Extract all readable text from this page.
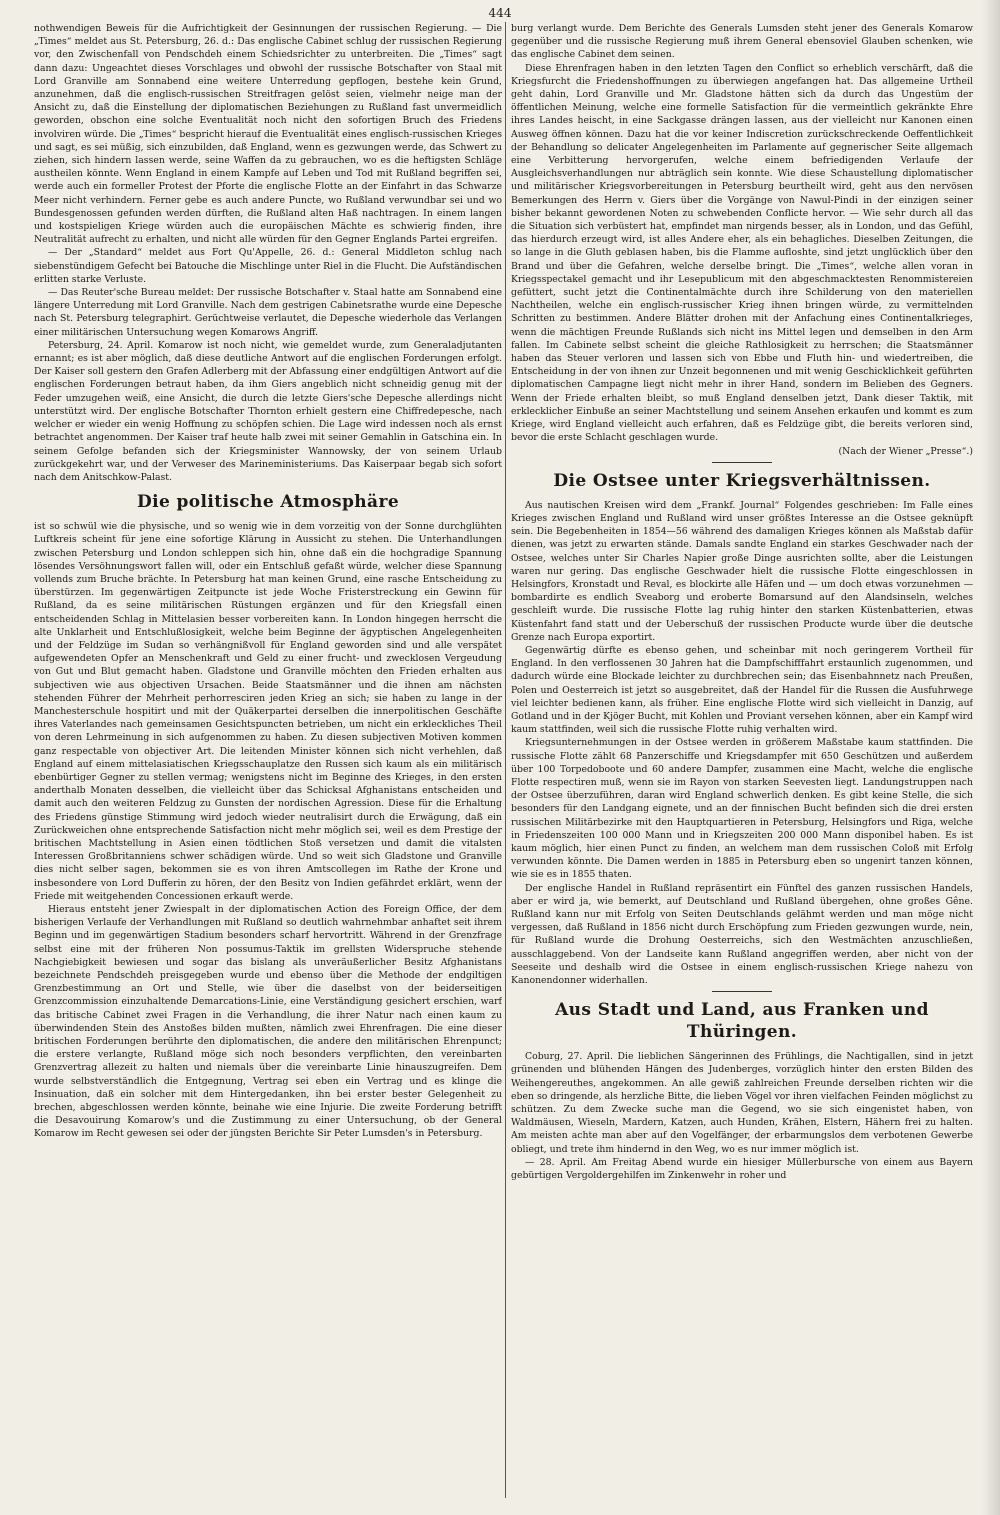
444

nothwendigen Beweis für die Aufrichtigkeit der Gesinnungen der russischen Regierung. — Die „Times“ meldet aus St. Petersburg, 26. d.: Das englische Cabinet schlug der russischen Regierung vor, den Zwischenfall von Pendschdeh einem Schiedsrichter zu unterbreiten. Die „Times“ sagt dann dazu: Ungeachtet dieses Vorschlages und obwohl der russische Botschafter von Staal mit Lord Granville am Sonnabend eine weitere Unterredung gepflogen, bestehe kein Grund, anzunehmen, daß die englisch-russischen Streitfragen gelöst seien, vielmehr neige man der Ansicht zu, daß die Einstellung der diplomatischen Beziehungen zu Rußland fast unvermeidlich geworden, obschon eine solche Eventualität noch nicht den sofortigen Bruch des Friedens involviren würde. Die „Times“ bespricht hierauf die Eventualität eines englisch-russischen Krieges und sagt, es sei müßig, sich einzubilden, daß England, wenn es gezwungen werde, das Schwert zu ziehen, sich hindern lassen werde, seine Waffen da zu gebrauchen, wo es die heftigsten Schläge austheilen könnte. Wenn England in einem Kampfe auf Leben und Tod mit Rußland begriffen sei, werde auch ein formeller Protest der Pforte die englische Flotte an der Einfahrt in das Schwarze Meer nicht verhindern. Ferner gebe es auch andere Puncte, wo Rußland verwundbar sei und wo Bundesgenossen gefunden werden dürften, die Rußland alten Haß nachtragen. In einem langen und kostspieligen Kriege würden auch die europäischen Mächte es schwierig finden, ihre Neutralität aufrecht zu erhalten, und nicht alle würden für den Gegner Englands Partei ergreifen.

— Der „Standard“ meldet aus Fort Qu'Appelle, 26. d.: General Middleton schlug nach siebenstündigem Gefecht bei Batouche die Mischlinge unter Riel in die Flucht. Die Aufständischen erlitten starke Verluste.

— Das Reuter'sche Bureau meldet: Der russische Botschafter v. Staal hatte am Sonnabend eine längere Unterredung mit Lord Granville. Nach dem gestrigen Cabinetsrathe wurde eine Depesche nach St. Petersburg telegraphirt. Gerüchtweise verlautet, die Depesche wiederhole das Verlangen einer militärischen Untersuchung wegen Komarows Angriff.

Petersburg, 24. April. Komarow ist noch nicht, wie gemeldet wurde, zum Generaladjutanten ernannt; es ist aber möglich, daß diese deutliche Antwort auf die englischen Forderungen erfolgt. Der Kaiser soll gestern den Grafen Adlerberg mit der Abfassung einer endgültigen Antwort auf die englischen Forderungen betraut haben, da ihm Giers angeblich nicht schneidig genug mit der Feder umzugehen weiß, eine Ansicht, die durch die letzte Giers'sche Depesche allerdings nicht unterstützt wird. Der englische Botschafter Thornton erhielt gestern eine Chiffredepesche, nach welcher er wieder ein wenig Hoffnung zu schöpfen schien. Die Lage wird indessen noch als ernst betrachtet angenommen. Der Kaiser traf heute halb zwei mit seiner Gemahlin in Gatschina ein. In seinem Gefolge befanden sich der Kriegsminister Wannowsky, der von seinem Urlaub zurückgekehrt war, und der Verweser des Marineministeriums. Das Kaiserpaar begab sich sofort nach dem Anitschkow-Palast.

Die politische Atmosphäre

ist so schwül wie die physische, und so wenig wie in dem vorzeitig von der Sonne durchglühten Luftkreis scheint für jene eine sofortige Klärung in Aussicht zu stehen. Die Unterhandlungen zwischen Petersburg und London schleppen sich hin, ohne daß ein die hochgradige Spannung lösendes Versöhnungswort fallen will, oder ein Entschluß gefaßt würde, welcher diese Spannung vollends zum Bruche brächte. In Petersburg hat man keinen Grund, eine rasche Entscheidung zu überstürzen. Im gegenwärtigen Zeitpuncte ist jede Woche Fristerstreckung ein Gewinn für Rußland, da es seine militärischen Rüstungen ergänzen und für den Kriegsfall einen entscheidenden Schlag in Mittelasien besser vorbereiten kann. In London hingegen herrscht die alte Unklarheit und Entschlußlosigkeit, welche beim Beginne der ägyptischen Angelegenheiten und der Feldzüge im Sudan so verhängnißvoll für England geworden sind und alle verspätet aufgewendeten Opfer an Menschenkraft und Geld zu einer frucht- und zwecklosen Vergeudung von Gut und Blut gemacht haben. Gladstone und Granville möchten den Frieden erhalten aus subjectiven wie aus objectiven Ursachen. Beide Staatsmänner und die ihnen am nächsten stehenden Führer der Mehrheit perhorresciren jeden Krieg an sich; sie haben zu lange in der Manchesterschule hospitirt und mit der Quäkerpartei derselben die innerpolitischen Geschäfte ihres Vaterlandes nach gemeinsamen Gesichtspuncten betrieben, um nicht ein erkleckliches Theil von deren Lehrmeinung in sich aufgenommen zu haben. Zu diesen subjectiven Motiven kommen ganz respectable von objectiver Art. Die leitenden Minister können sich nicht verhehlen, daß England auf einem mittelasiatischen Kriegsschauplatze den Russen sich kaum als ein militärisch ebenbürtiger Gegner zu stellen vermag; wenigstens nicht im Beginne des Krieges, in den ersten anderthalb Monaten desselben, die vielleicht über das Schicksal Afghanistans entscheiden und damit auch den weiteren Feldzug zu Gunsten der nordischen Agression. Diese für die Erhaltung des Friedens günstige Stimmung wird jedoch wieder neutralisirt durch die Erwägung, daß ein Zurückweichen ohne entsprechende Satisfaction nicht mehr möglich sei, weil es dem Prestige der britischen Machtstellung in Asien einen tödtlichen Stoß versetzen und damit die vitalsten Interessen Großbritanniens schwer schädigen würde. Und so weit sich Gladstone und Granville dies nicht selber sagen, bekommen sie es von ihren Amtscollegen im Rathe der Krone und insbesondere von Lord Dufferin zu hören, der den Besitz von Indien gefährdet erklärt, wenn der Friede mit weitgehenden Concessionen erkauft werde.

Hieraus entsteht jener Zwiespalt in der diplomatischen Action des Foreign Office, der dem bisherigen Verlaufe der Verhandlungen mit Rußland so deutlich wahrnehmbar anhaftet seit ihrem Beginn und im gegenwärtigen Stadium besonders scharf hervortritt. Während in der Grenzfrage selbst eine mit der früheren Non possumus-Taktik im grellsten Widerspruche stehende Nachgiebigkeit bewiesen und sogar das bislang als unveräußerlicher Besitz Afghanistans bezeichnete Pendschdeh preisgegeben wurde und ebenso über die Methode der endgiltigen Grenzbestimmung an Ort und Stelle, wie über die daselbst von der beiderseitigen Grenzcommission einzuhaltende Demarcations-Linie, eine Verständigung gesichert erschien, warf das britische Cabinet zwei Fragen in die Verhandlung, die ihrer Natur nach einen kaum zu überwindenden Stein des Anstoßes bilden mußten, nämlich zwei Ehrenfragen. Die eine dieser britischen Forderungen berührte den diplomatischen, die andere den militärischen Ehrenpunct; die erstere verlangte, Rußland möge sich noch besonders verpflichten, den vereinbarten Grenzvertrag allezeit zu halten und niemals über die vereinbarte Linie hinauszugreifen. Dem wurde selbstverständlich die Entgegnung, Vertrag sei eben ein Vertrag und es klinge die Insinuation, daß ein solcher mit dem Hintergedanken, ihn bei erster bester Gelegenheit zu brechen, abgeschlossen werden könnte, beinahe wie eine Injurie. Die zweite Forderung betrifft die Desavouirung Komarow's und die Zustimmung zu einer Untersuchung, ob der General Komarow im Recht gewesen sei oder der jüngsten Berichte Sir Peter Lumsden's in Petersburg.

burg verlangt wurde. Dem Berichte des Generals Lumsden steht jener des Generals Komarow gegenüber und die russische Regierung muß ihrem General ebensoviel Glauben schenken, wie das englische Cabinet dem seinen.

Diese Ehrenfragen haben in den letzten Tagen den Conflict so erheblich verschärft, daß die Kriegsfurcht die Friedenshoffnungen zu überwiegen angefangen hat. Das allgemeine Urtheil geht dahin, Lord Granville und Mr. Gladstone hätten sich da durch das Ungestüm der öffentlichen Meinung, welche eine formelle Satisfaction für die vermeintlich gekränkte Ehre ihres Landes heischt, in eine Sackgasse drängen lassen, aus der vielleicht nur Kanonen einen Ausweg öffnen können. Dazu hat die vor keiner Indiscretion zurückschreckende Oeffentlichkeit der Behandlung so delicater Angelegenheiten im Parlamente auf gegnerischer Seite allgemach eine Verbitterung hervorgerufen, welche einem befriedigenden Verlaufe der Ausgleichsverhandlungen nur abträglich sein konnte. Wie diese Schaustellung diplomatischer und militärischer Kriegsvorbereitungen in Petersburg beurtheilt wird, geht aus den nervösen Bemerkungen des Herrn v. Giers über die Vorgänge von Nawul-Pindi in der einzigen seiner bisher bekannt gewordenen Noten zu schwebenden Conflicte hervor. — Wie sehr durch all das die Situation sich verbüstert hat, empfindet man nirgends besser, als in London, und das Gefühl, das hierdurch erzeugt wird, ist alles Andere eher, als ein behagliches. Dieselben Zeitungen, die so lange in die Gluth geblasen haben, bis die Flamme aufloshte, sind jetzt unglücklich über den Brand und über die Gefahren, welche derselbe bringt. Die „Times“, welche allen voran in Kriegsspectakel gemacht und ihr Lesepublicum mit den abgeschmacktesten Renommistereien gefüttert, sucht jetzt die Continentalmächte durch ihre Schilderung von den materiellen Nachtheilen, welche ein englisch-russischer Krieg ihnen bringen würde, zu vermittelnden Schritten zu bestimmen. Andere Blätter drohen mit der Anfachung eines Continentalkrieges, wenn die mächtigen Freunde Rußlands sich nicht ins Mittel legen und demselben in den Arm fallen. Im Cabinete selbst scheint die gleiche Rathlosigkeit zu herrschen; die Staatsmänner haben das Steuer verloren und lassen sich von Ebbe und Fluth hin- und wiedertreiben, die Entscheidung in der von ihnen zur Unzeit begonnenen und mit wenig Geschicklichkeit geführten diplomatischen Campagne liegt nicht mehr in ihrer Hand, sondern im Belieben des Gegners. Wenn der Friede erhalten bleibt, so muß England denselben jetzt, Dank dieser Taktik, mit erklecklicher Einbuße an seiner Machtstellung und seinem Ansehen erkaufen und kommt es zum Kriege, wird England vielleicht auch erfahren, daß es Feldzüge gibt, die bereits verloren sind, bevor die erste Schlacht geschlagen wurde.

(Nach der Wiener „Presse“.)

Die Ostsee unter Kriegsverhältnissen.

Aus nautischen Kreisen wird dem „Frankf. Journal“ Folgendes geschrieben: Im Falle eines Krieges zwischen England und Rußland wird unser größtes Interesse an die Ostsee geknüpft sein. Die Begebenheiten in 1854—56 während des damaligen Krieges können als Maßstab dafür dienen, was jetzt zu erwarten stände. Damals sandte England ein starkes Geschwader nach der Ostsee, welches unter Sir Charles Napier große Dinge ausrichten sollte, aber die Leistungen waren nur gering. Das englische Geschwader hielt die russische Flotte eingeschlossen in Helsingfors, Kronstadt und Reval, es blockirte alle Häfen und — um doch etwas vorzunehmen — bombardirte es endlich Sveaborg und eroberte Bomarsund auf den Alandsinseln, welches geschleift wurde. Die russische Flotte lag ruhig hinter den starken Küstenbatterien, etwas Küstenfahrt fand statt und der Ueberschuß der russischen Producte wurde über die deutsche Grenze nach Europa exportirt.

Gegenwärtig dürfte es ebenso gehen, und scheinbar mit noch geringerem Vortheil für England. In den verflossenen 30 Jahren hat die Dampfschifffahrt erstaunlich zugenommen, und dadurch würde eine Blockade leichter zu durchbrechen sein; das Eisenbahnnetz nach Preußen, Polen und Oesterreich ist jetzt so ausgebreitet, daß der Handel für die Russen die Ausfuhrwege viel leichter bedienen kann, als früher. Eine englische Flotte wird sich vielleicht in Danzig, auf Gotland und in der Kjöger Bucht, mit Kohlen und Proviant versehen können, aber ein Kampf wird kaum stattfinden, weil sich die russische Flotte ruhig verhalten wird.

Kriegsunternehmungen in der Ostsee werden in größerem Maßstabe kaum stattfinden. Die russische Flotte zählt 68 Panzerschiffe und Kriegsdampfer mit 650 Geschützen und außerdem über 100 Torpedoboote und 60 andere Dampfer, zusammen eine Macht, welche die englische Flotte respectiren muß, wenn sie im Rayon von starken Seevesten liegt. Landungstruppen nach der Ostsee überzuführen, daran wird England schwerlich denken. Es gibt keine Stelle, die sich besonders für den Landgang eignete, und an der finnischen Bucht befinden sich die drei ersten russischen Militärbezirke mit den Hauptquartieren in Petersburg, Helsingfors und Riga, welche in Friedenszeiten 100 000 Mann und in Kriegszeiten 200 000 Mann disponibel haben. Es ist kaum möglich, hier einen Punct zu finden, an welchem man dem russischen Coloß mit Erfolg verwunden könnte. Die Damen werden in 1885 in Petersburg eben so ungenirt tanzen können, wie sie es in 1855 thaten.

Der englische Handel in Rußland repräsentirt ein Fünftel des ganzen russischen Handels, aber er wird ja, wie bemerkt, auf Deutschland und Rußland übergehen, ohne großes Gêne. Rußland kann nur mit Erfolg von Seiten Deutschlands gelähmt werden und man möge nicht vergessen, daß Rußland in 1856 nicht durch Erschöpfung zum Frieden gezwungen wurde, nein, für Rußland wurde die Drohung Oesterreichs, sich den Westmächten anzuschließen, ausschlaggebend. Von der Landseite kann Rußland angegriffen werden, aber nicht von der Seeseite und deshalb wird die Ostsee in einem englisch-russischen Kriege nahezu von Kanonendonner widerhallen.

Aus Stadt und Land, aus Franken und Thüringen.

Coburg, 27. April. Die lieblichen Sängerinnen des Frühlings, die Nachtigallen, sind in jetzt grünenden und blühenden Hängen des Judenberges, vorzüglich hinter den ersten Bilden des Weihengereuthes, angekommen. An alle gewiß zahlreichen Freunde derselben richten wir die eben so dringende, als herzliche Bitte, die lieben Vögel vor ihren vielfachen Feinden möglichst zu schützen. Zu dem Zwecke suche man die Gegend, wo sie sich eingenistet haben, von Waldmäusen, Wieseln, Mardern, Katzen, auch Hunden, Krähen, Elstern, Hähern frei zu halten. Am meisten achte man aber auf den Vogelfänger, der erbarmungslos dem verbotenen Gewerbe obliegt, und trete ihm hindernd in den Weg, wo es nur immer möglich ist.

— 28. April. Am Freitag Abend wurde ein hiesiger Müllerbursche von einem aus Bayern gebürtigen Vergoldergehilfen im Zinkenwehr in roher und
